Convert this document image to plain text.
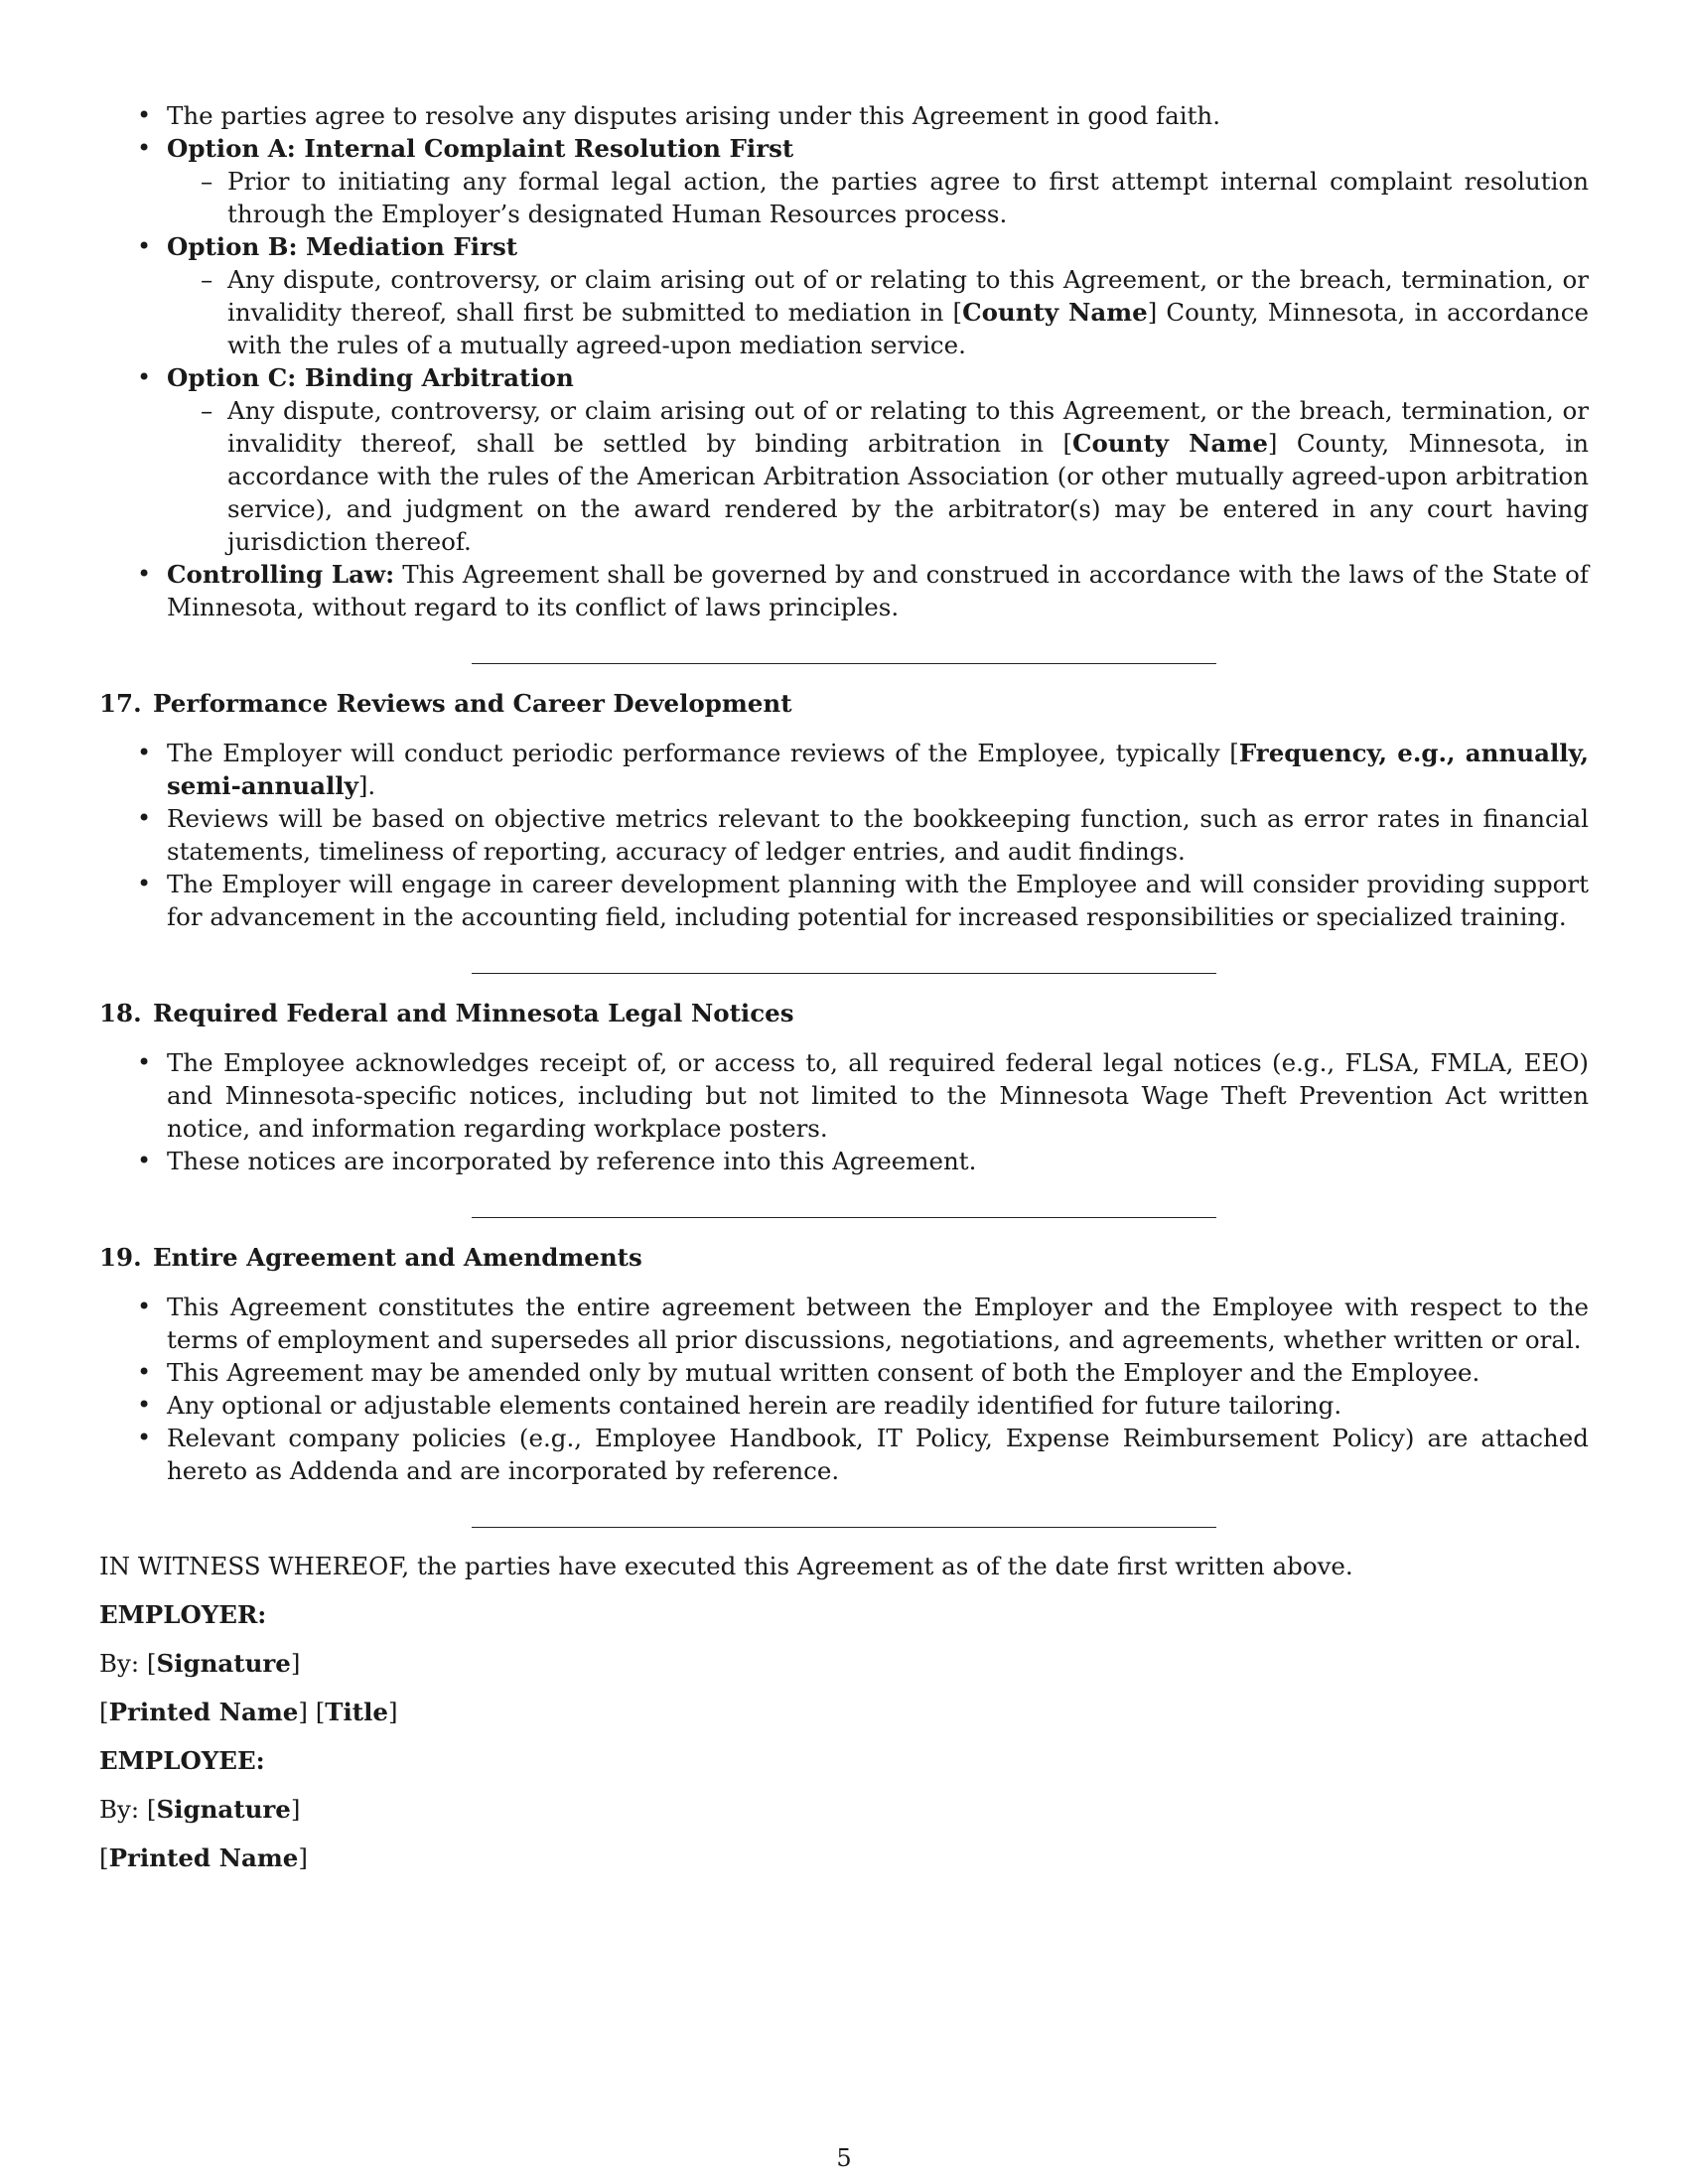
• The parties agree to resolve any disputes arising under this Agreement in good faith.
• Option A: Internal Complaint Resolution First
– Prior to initiating any formal legal action, the parties agree to first attempt internal complaint resolution through the Employer’s designated Human Resources process.
• Option B: Mediation First
– Any dispute, controversy, or claim arising out of or relating to this Agreement, or the breach, termination, or invalidity thereof, shall first be submitted to mediation in [County Name] County, Minnesota, in accordance with the rules of a mutually agreed-upon mediation service.
• Option C: Binding Arbitration
– Any dispute, controversy, or claim arising out of or relating to this Agreement, or the breach, termination, or invalidity thereof, shall be settled by binding arbitration in [County Name] County, Minnesota, in accordance with the rules of the American Arbitration Association (or other mutually agreed-upon arbitration service), and judgment on the award rendered by the arbitrator(s) may be entered in any court having jurisdiction thereof.
• Controlling Law: This Agreement shall be governed by and construed in accordance with the laws of the State of Minnesota, without regard to its conflict of laws principles.
17. Performance Reviews and Career Development
• The Employer will conduct periodic performance reviews of the Employee, typically [Frequency, e.g., annually, semi-annually].
• Reviews will be based on objective metrics relevant to the bookkeeping function, such as error rates in financial statements, timeliness of reporting, accuracy of ledger entries, and audit findings.
• The Employer will engage in career development planning with the Employee and will consider providing support for advancement in the accounting field, including potential for increased responsibilities or specialized training.
18. Required Federal and Minnesota Legal Notices
• The Employee acknowledges receipt of, or access to, all required federal legal notices (e.g., FLSA, FMLA, EEO) and Minnesota-specific notices, including but not limited to the Minnesota Wage Theft Prevention Act written notice, and information regarding workplace posters.
• These notices are incorporated by reference into this Agreement.
19. Entire Agreement and Amendments
• This Agreement constitutes the entire agreement between the Employer and the Employee with respect to the terms of employment and supersedes all prior discussions, negotiations, and agreements, whether written or oral.
• This Agreement may be amended only by mutual written consent of both the Employer and the Employee.
• Any optional or adjustable elements contained herein are readily identified for future tailoring.
• Relevant company policies (e.g., Employee Handbook, IT Policy, Expense Reimbursement Policy) are attached hereto as Addenda and are incorporated by reference.

IN WITNESS WHEREOF, the parties have executed this Agreement as of the date first written above.

EMPLOYER:
By: [Signature]
[Printed Name] [Title]
EMPLOYEE:
By: [Signature]
[Printed Name]
5
